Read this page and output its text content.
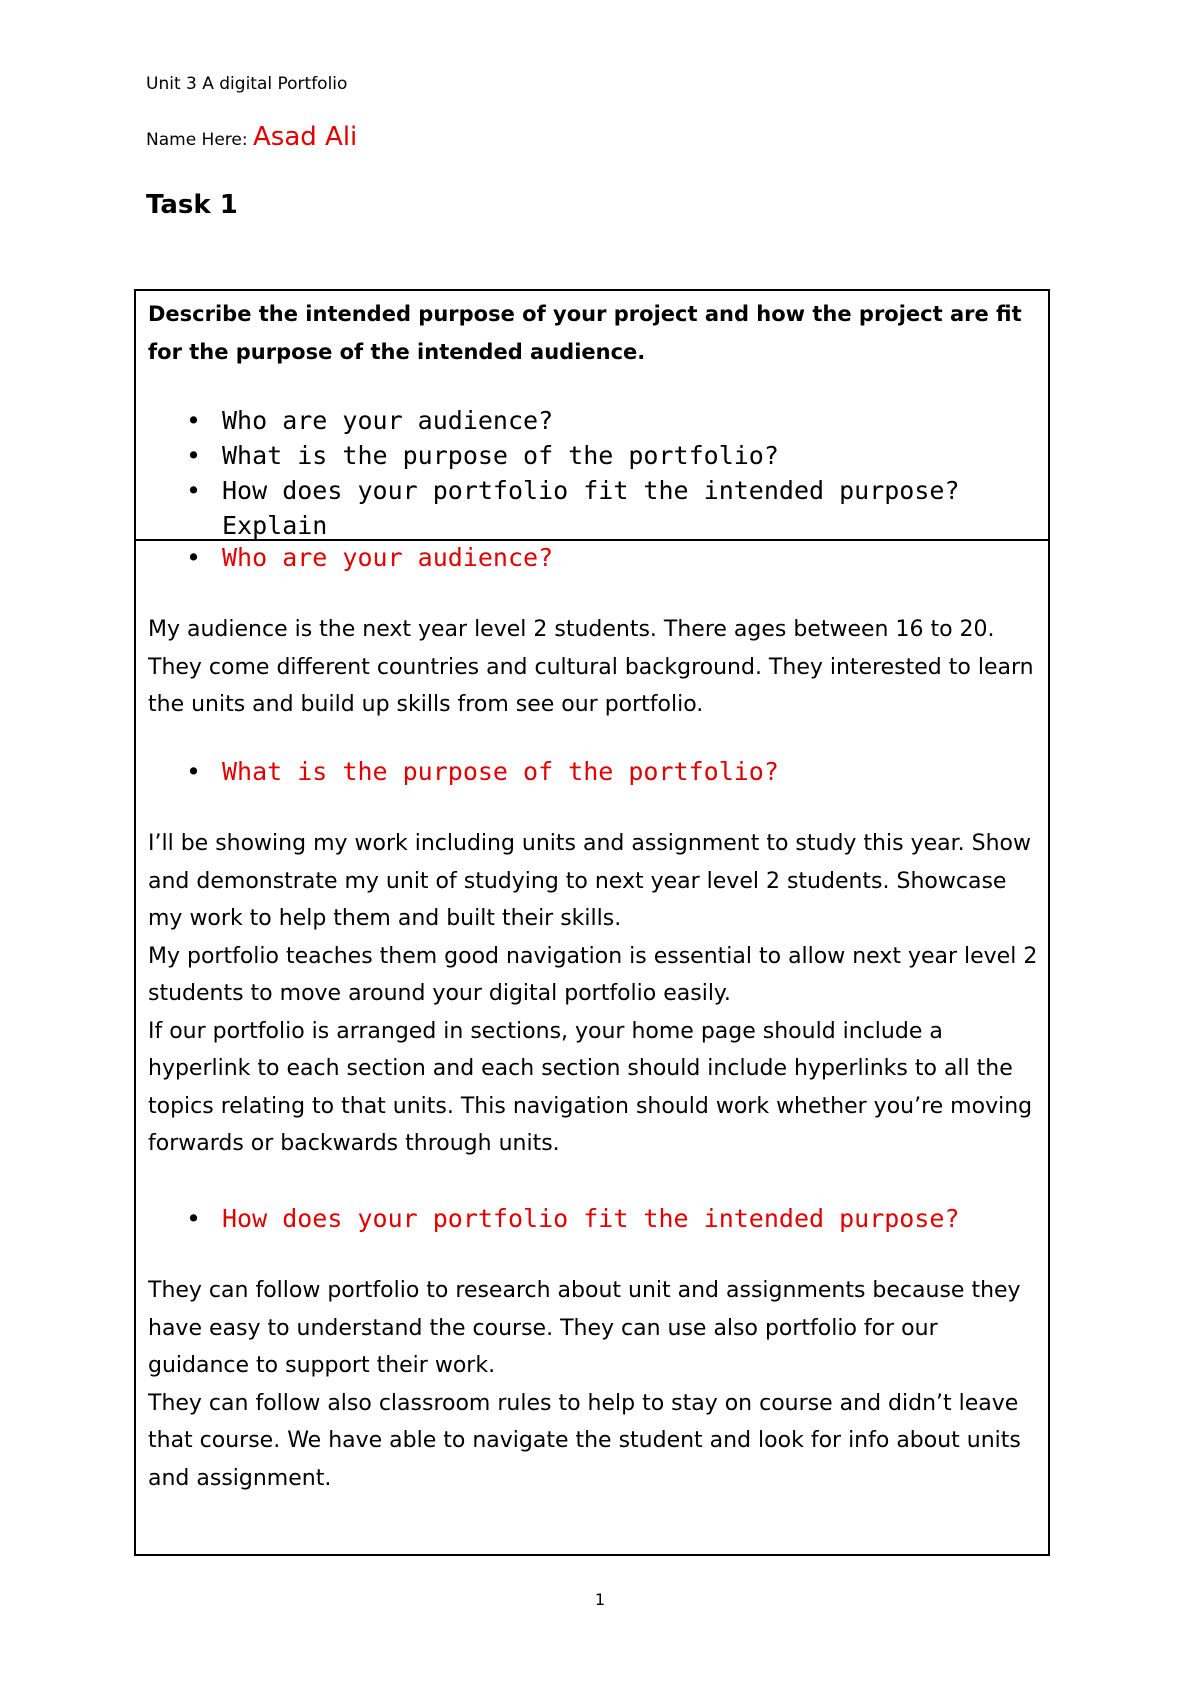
Unit 3 A digital Portfolio
Name Here: Asad Ali
Task 1
Describe the intended purpose of your project and how the project are fit for the purpose of the intended audience.
• Who are your audience?
• What is the purpose of the portfolio?
• How does your portfolio fit the intended purpose? Explain
• Who are your audience?

My audience is the next year level 2 students. There ages between 16 to 20. They come different countries and cultural background. They interested to learn the units and build up skills from see our portfolio.

• What is the purpose of the portfolio?

I’ll be showing my work including units and assignment to study this year. Show and demonstrate my unit of studying to next year level 2 students. Showcase my work to help them and built their skills.

My portfolio teaches them good navigation is essential to allow next year level 2 students to move around your digital portfolio easily.

If our portfolio is arranged in sections, your home page should include a hyperlink to each section and each section should include hyperlinks to all the topics relating to that units. This navigation should work whether you’re moving forwards or backwards through units.

• How does your portfolio fit the intended purpose?

They can follow portfolio to research about unit and assignments because they have easy to understand the course. They can use also portfolio for our guidance to support their work.

They can follow also classroom rules to help to stay on course and didn’t leave that course. We have able to navigate the student and look for info about units and assignment.

1
